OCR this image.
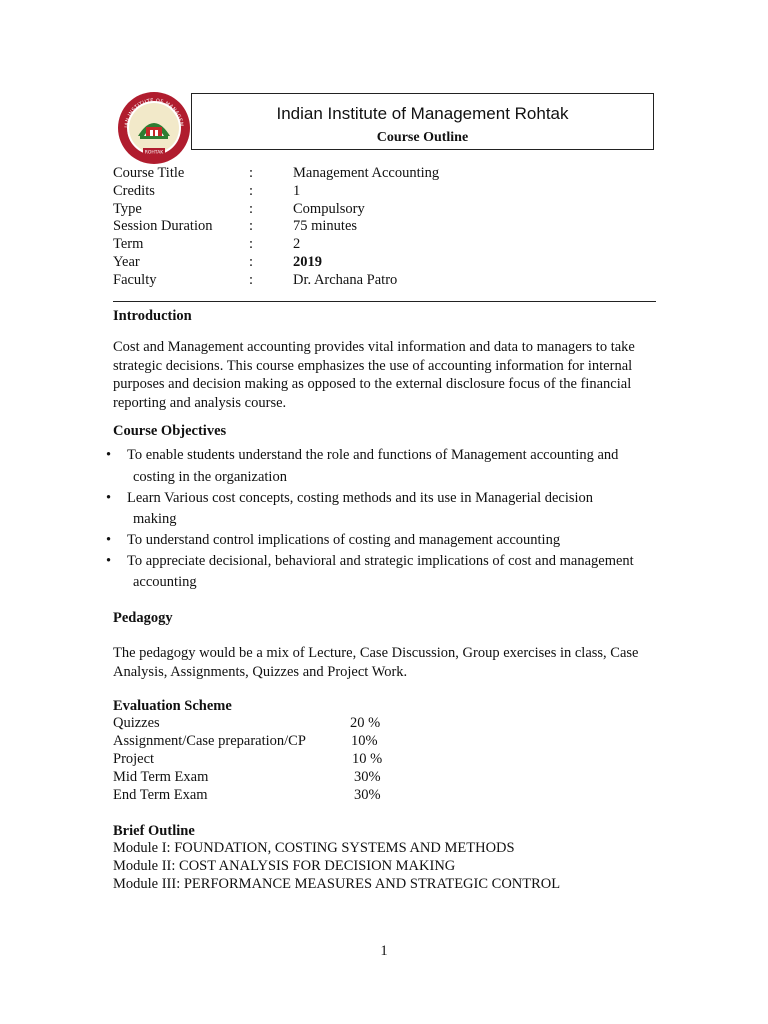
IAN INSTITUTE OF MANAGEM
ROHTAK
Indian Institute of Management Rohtak
Course Outline
Course Title	:	Management Accounting
Credits	:	1
Type	:	Compulsory
Session Duration	:	75 minutes
Term	:	2
Year	:	2019
Faculty	:	Dr. Archana Patro
Introduction
Cost and Management accounting provides vital information and data to managers to take
strategic decisions. This course emphasizes the use of accounting information for internal
purposes and decision making as opposed to the external disclosure focus of the financial
reporting and analysis course.
Course Objectives
• To enable students understand the role and functions of Management accounting and
costing in the organization
• Learn Various cost concepts, costing methods and its use in Managerial decision
making
• To understand control implications of costing and management accounting
• To appreciate decisional, behavioral and strategic implications of cost and management
accounting
Pedagogy
The pedagogy would be a mix of Lecture, Case Discussion, Group exercises in class, Case
Analysis, Assignments, Quizzes and Project Work.
Evaluation Scheme
Quizzes	20 %
Assignment/Case preparation/CP	10%
Project	10 %
Mid Term Exam	30%
End Term Exam	30%
Brief Outline
Module I: FOUNDATION, COSTING SYSTEMS AND METHODS
Module II: COST ANALYSIS FOR DECISION MAKING
Module III: PERFORMANCE MEASURES AND STRATEGIC CONTROL
1
